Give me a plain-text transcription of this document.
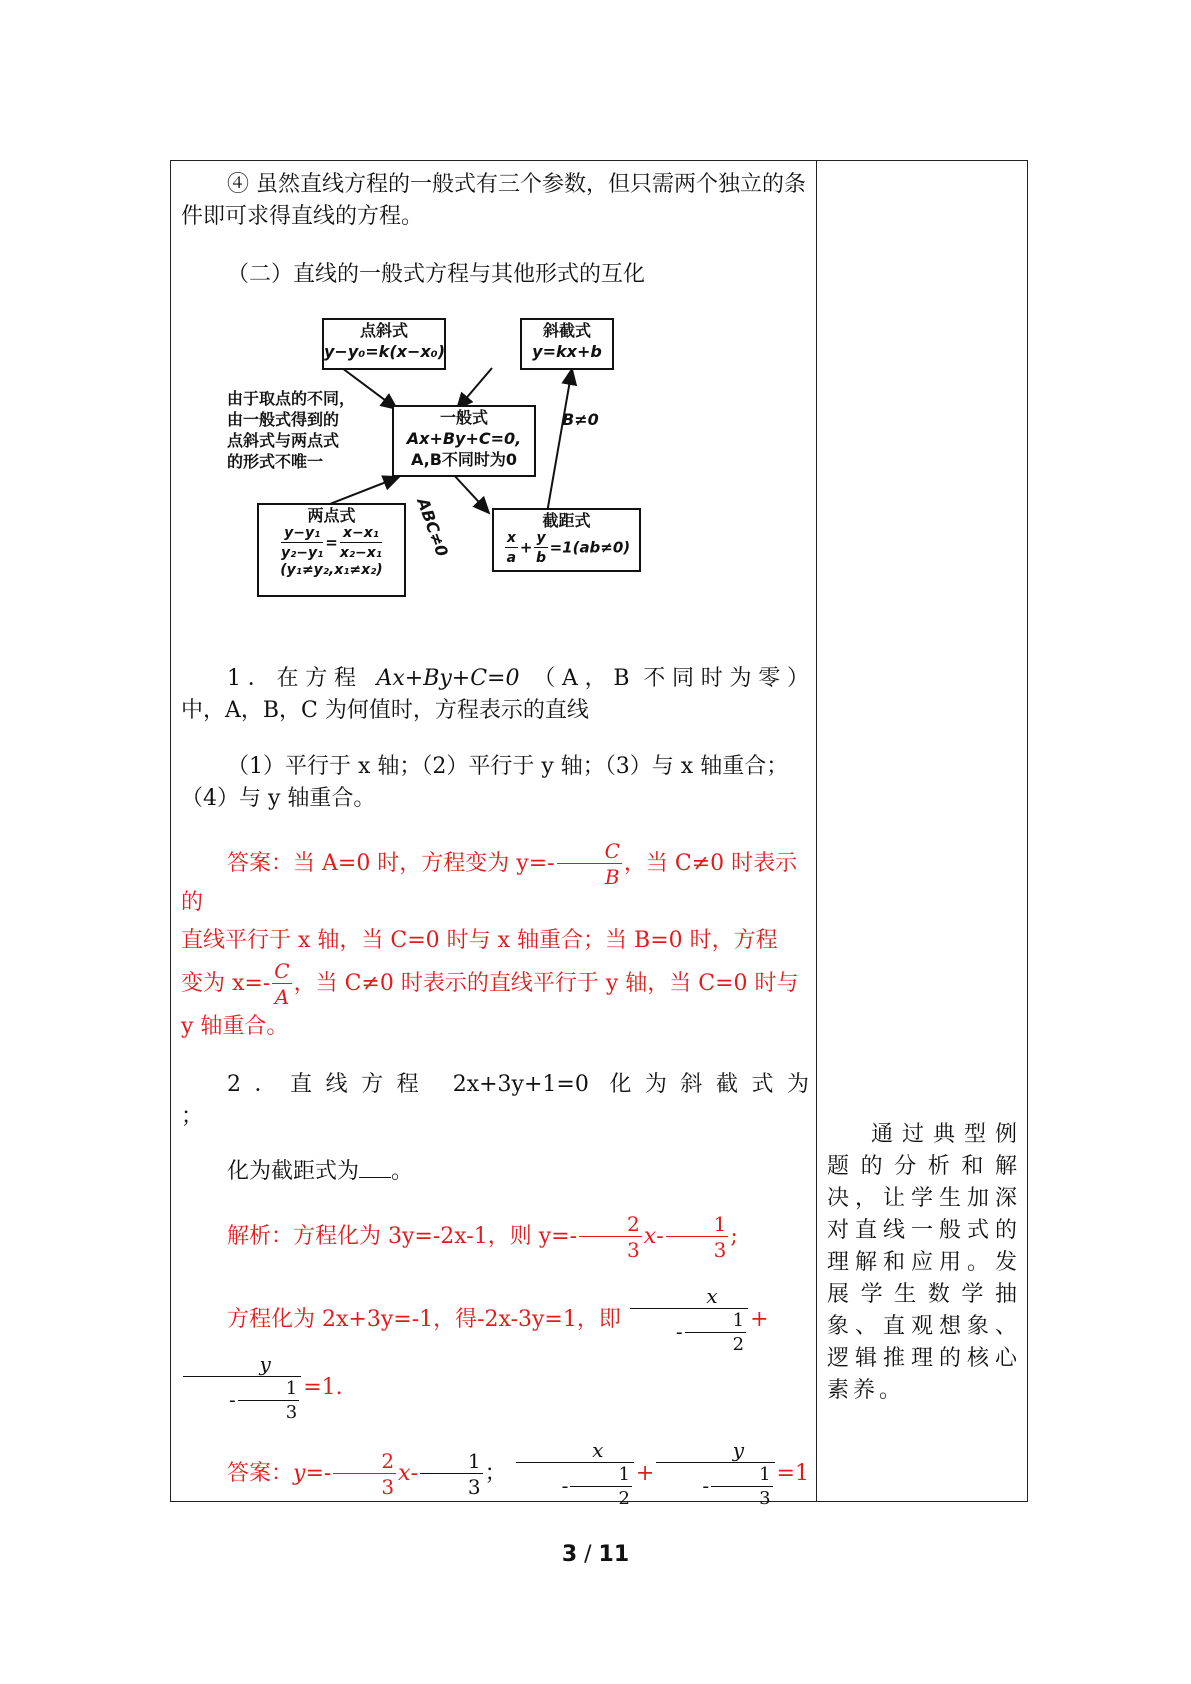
④ 虽然直线方程的一般式有三个参数，但只需两个独立的条件即可求得直线的方程。

（二）直线的一般式方程与其他形式的互化

点斜式
y−y₀=k(x−x₀)
斜截式
y=kx+b
由于取点的不同，
由一般式得到的
点斜式与两点式
的形式不唯一
一般式
Ax+By+C=0,
A,B不同时为0
B≠0
ABC≠0
两点式
$\frac{\text{y−y₁}}{\text{y₂−y₁}} = \frac{\text{x−x₁}}{\text{x₂−x₁}}$
(y₁≠y₂,x₁≠x₂)
截距式
$\frac{x}{a} + \frac{y}{b} =1(ab\ne 0)$

1．在方程 Ax+By+C=0 （A，B 不同时为零）

中，A，B，C 为何值时，方程表示的直线

（1）平行于 x 轴；（2）平行于 y 轴；（3）与 x 轴重合；（4）与 y 轴重合。

答案：当 A=0 时，方程变为 $y=- \frac{C}{B}$ ，当 C≠0 时表示的

直线平行于 x 轴，当 C=0 时与 x 轴重合；当 B=0 时，方程

变为 $x=- \frac{C}{A}$ ，当 C≠0 时表示的直线平行于 y 轴，当 C=0 时与

y 轴重合。

2．直线方程 2x+3y+1=0 化为斜截式为

；

化为截距式为 。

解析：方程化为 3y=-2x-1，则 $y=- \frac{2}{3} x- \frac{1}{3}$ ;

方程化为 2x+3y=-1，得-2x-3y=1，即 $\frac{x}{- \frac{1}{2}}$ +
$\frac{y}{- \frac{1}{3}} =1$.

答案：$y=- \frac{2}{3} x- \frac{1}{3}$ ； $\frac{x}{- \frac{1}{2}} + \frac{y}{- \frac{1}{3}} =1$

通过典型例题的分析和解决，让学生加深对直线一般式的理解和应用。发展学生数学抽象、直观想象、逻辑推理的核心素养。

3 / 11
